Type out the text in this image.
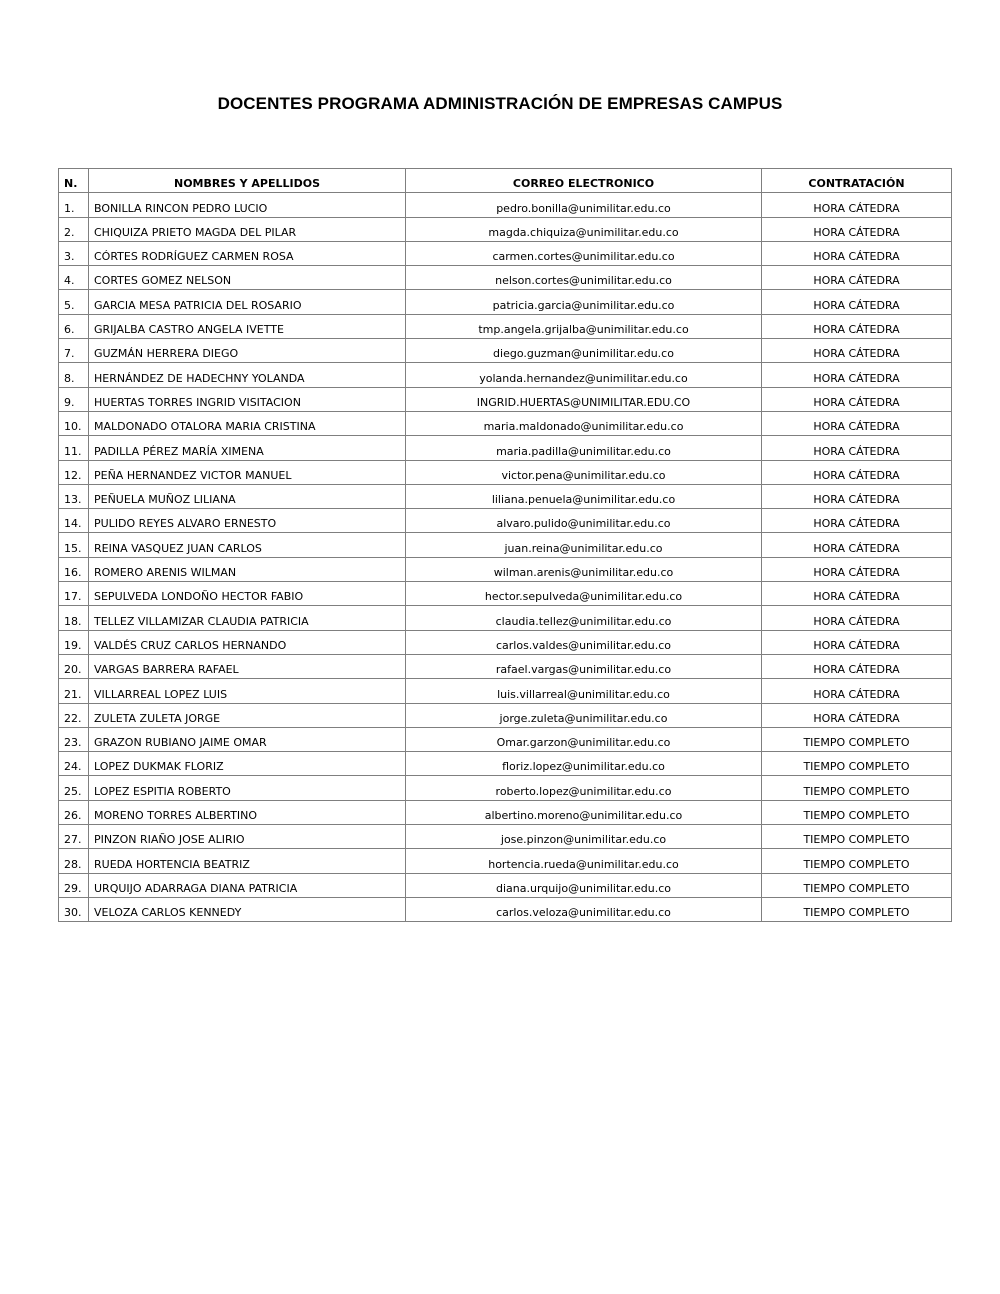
DOCENTES PROGRAMA ADMINISTRACIÓN DE EMPRESAS CAMPUS
N.	NOMBRES Y APELLIDOS	CORREO ELECTRONICO	CONTRATACIÓN
1.	BONILLA RINCON PEDRO LUCIO	pedro.bonilla@unimilitar.edu.co	HORA CÁTEDRA
2.	CHIQUIZA PRIETO MAGDA DEL PILAR	magda.chiquiza@unimilitar.edu.co	HORA CÁTEDRA
3.	CÓRTES RODRÍGUEZ CARMEN ROSA	carmen.cortes@unimilitar.edu.co	HORA CÁTEDRA
4.	CORTES GOMEZ NELSON	nelson.cortes@unimilitar.edu.co	HORA CÁTEDRA
5.	GARCIA MESA PATRICIA DEL ROSARIO	patricia.garcia@unimilitar.edu.co	HORA CÁTEDRA
6.	GRIJALBA CASTRO ANGELA IVETTE	tmp.angela.grijalba@unimilitar.edu.co	HORA CÁTEDRA
7.	GUZMÁN HERRERA DIEGO	diego.guzman@unimilitar.edu.co	HORA CÁTEDRA
8.	HERNÁNDEZ DE HADECHNY YOLANDA	yolanda.hernandez@unimilitar.edu.co	HORA CÁTEDRA
9.	HUERTAS TORRES INGRID VISITACION	INGRID.HUERTAS@UNIMILITAR.EDU.CO	HORA CÁTEDRA
10.	MALDONADO OTALORA MARIA CRISTINA	maria.maldonado@unimilitar.edu.co	HORA CÁTEDRA
11.	PADILLA PÉREZ MARÍA XIMENA	maria.padilla@unimilitar.edu.co	HORA CÁTEDRA
12.	PEÑA HERNANDEZ VICTOR MANUEL	victor.pena@unimilitar.edu.co	HORA CÁTEDRA
13.	PEÑUELA MUÑOZ LILIANA	liliana.penuela@unimilitar.edu.co	HORA CÁTEDRA
14.	PULIDO REYES ALVARO ERNESTO	alvaro.pulido@unimilitar.edu.co	HORA CÁTEDRA
15.	REINA VASQUEZ JUAN CARLOS	juan.reina@unimilitar.edu.co	HORA CÁTEDRA
16.	ROMERO ARENIS WILMAN	wilman.arenis@unimilitar.edu.co	HORA CÁTEDRA
17.	SEPULVEDA LONDOÑO HECTOR FABIO	hector.sepulveda@unimilitar.edu.co	HORA CÁTEDRA
18.	TELLEZ VILLAMIZAR CLAUDIA PATRICIA	claudia.tellez@unimilitar.edu.co	HORA CÁTEDRA
19.	VALDÉS CRUZ CARLOS HERNANDO	carlos.valdes@unimilitar.edu.co	HORA CÁTEDRA
20.	VARGAS BARRERA RAFAEL	rafael.vargas@unimilitar.edu.co	HORA CÁTEDRA
21.	VILLARREAL LOPEZ LUIS	luis.villarreal@unimilitar.edu.co	HORA CÁTEDRA
22.	ZULETA ZULETA JORGE	jorge.zuleta@unimilitar.edu.co	HORA CÁTEDRA
23.	GRAZON RUBIANO JAIME OMAR	Omar.garzon@unimilitar.edu.co	TIEMPO COMPLETO
24.	LOPEZ DUKMAK FLORIZ	floriz.lopez@unimilitar.edu.co	TIEMPO COMPLETO
25.	LOPEZ ESPITIA ROBERTO	roberto.lopez@unimilitar.edu.co	TIEMPO COMPLETO
26.	MORENO TORRES ALBERTINO	albertino.moreno@unimilitar.edu.co	TIEMPO COMPLETO
27.	PINZON RIAÑO JOSE ALIRIO	jose.pinzon@unimilitar.edu.co	TIEMPO COMPLETO
28.	RUEDA HORTENCIA BEATRIZ	hortencia.rueda@unimilitar.edu.co	TIEMPO COMPLETO
29.	URQUIJO ADARRAGA DIANA PATRICIA	diana.urquijo@unimilitar.edu.co	TIEMPO COMPLETO
30.	VELOZA CARLOS KENNEDY	carlos.veloza@unimilitar.edu.co	TIEMPO COMPLETO
